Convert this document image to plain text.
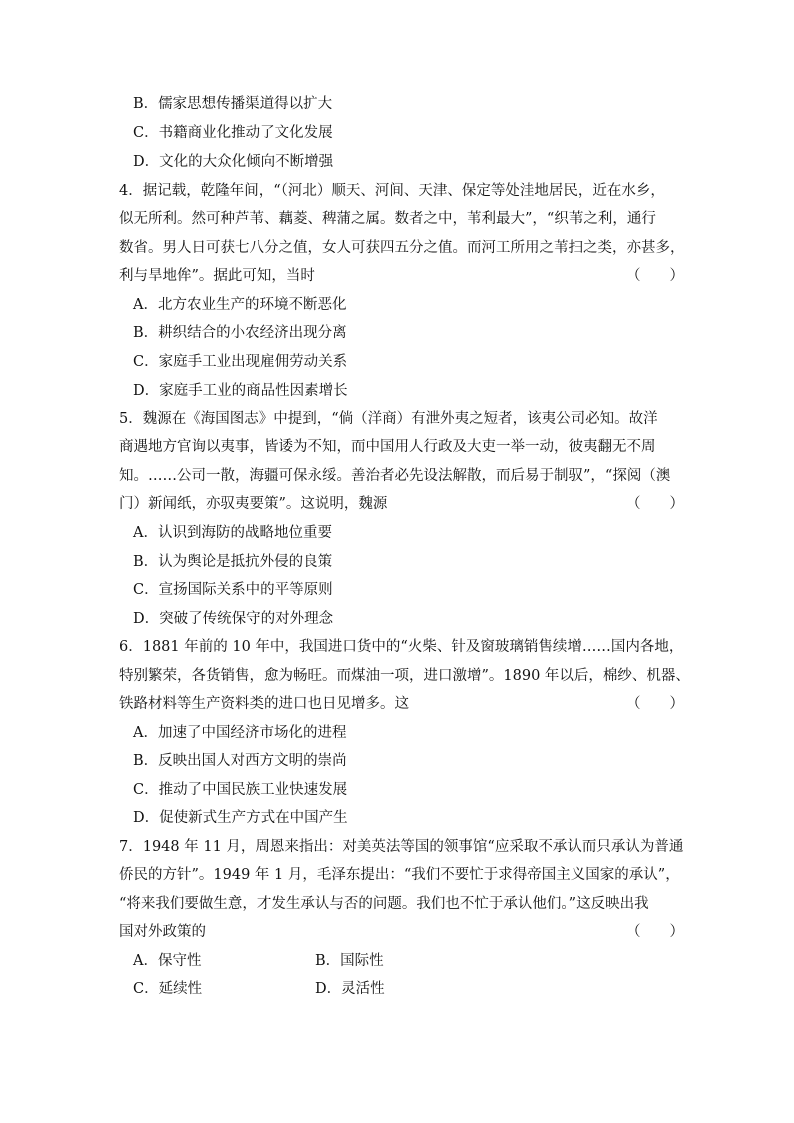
B．儒家思想传播渠道得以扩大
C．书籍商业化推动了文化发展
D．文化的大众化倾向不断增强
4．据记载，乾隆年间，“（河北）顺天、河间、天津、保定等处洼地居民，近在水乡，
似无所利。然可种芦苇、藕菱、稗蒲之属。数者之中，苇利最大”，“织苇之利，通行
数省。男人日可获七八分之值，女人可获四五分之值。而河工所用之苇扫之类，亦甚多，
利与旱地侔”。据此可知，当时	（　　）
A．北方农业生产的环境不断恶化
B．耕织结合的小农经济出现分离
C．家庭手工业出现雇佣劳动关系
D．家庭手工业的商品性因素增长
5．魏源在《海国图志》中提到，“倘（洋商）有泄外夷之短者，该夷公司必知。故洋
商遇地方官询以夷事，皆诿为不知，而中国用人行政及大吏一举一动，彼夷翻无不周
知。……公司一散，海疆可保永绥。善治者必先设法解散，而后易于制驭”，“探阅（澳
门）新闻纸，亦驭夷要策”。这说明，魏源	（　　）
A．认识到海防的战略地位重要
B．认为舆论是抵抗外侵的良策
C．宣扬国际关系中的平等原则
D．突破了传统保守的对外理念
6．1881 年前的 10 年中，我国进口货中的“火柴、针及窗玻璃销售续增……国内各地，
特别繁荣，各货销售，愈为畅旺。而煤油一项，进口激增”。1890 年以后，棉纱、机器、
铁路材料等生产资料类的进口也日见增多。这	（　　）
A．加速了中国经济市场化的进程
B．反映出国人对西方文明的崇尚
C．推动了中国民族工业快速发展
D．促使新式生产方式在中国产生
7．1948 年 11 月，周恩来指出：对美英法等国的领事馆“应采取不承认而只承认为普通
侨民的方针”。1949 年 1 月，毛泽东提出：“我们不要忙于求得帝国主义国家的承认”，
“将来我们要做生意，才发生承认与否的问题。我们也不忙于承认他们。”这反映出我
国对外政策的	（　　）
A．保守性	B．国际性
C．延续性	D．灵活性
